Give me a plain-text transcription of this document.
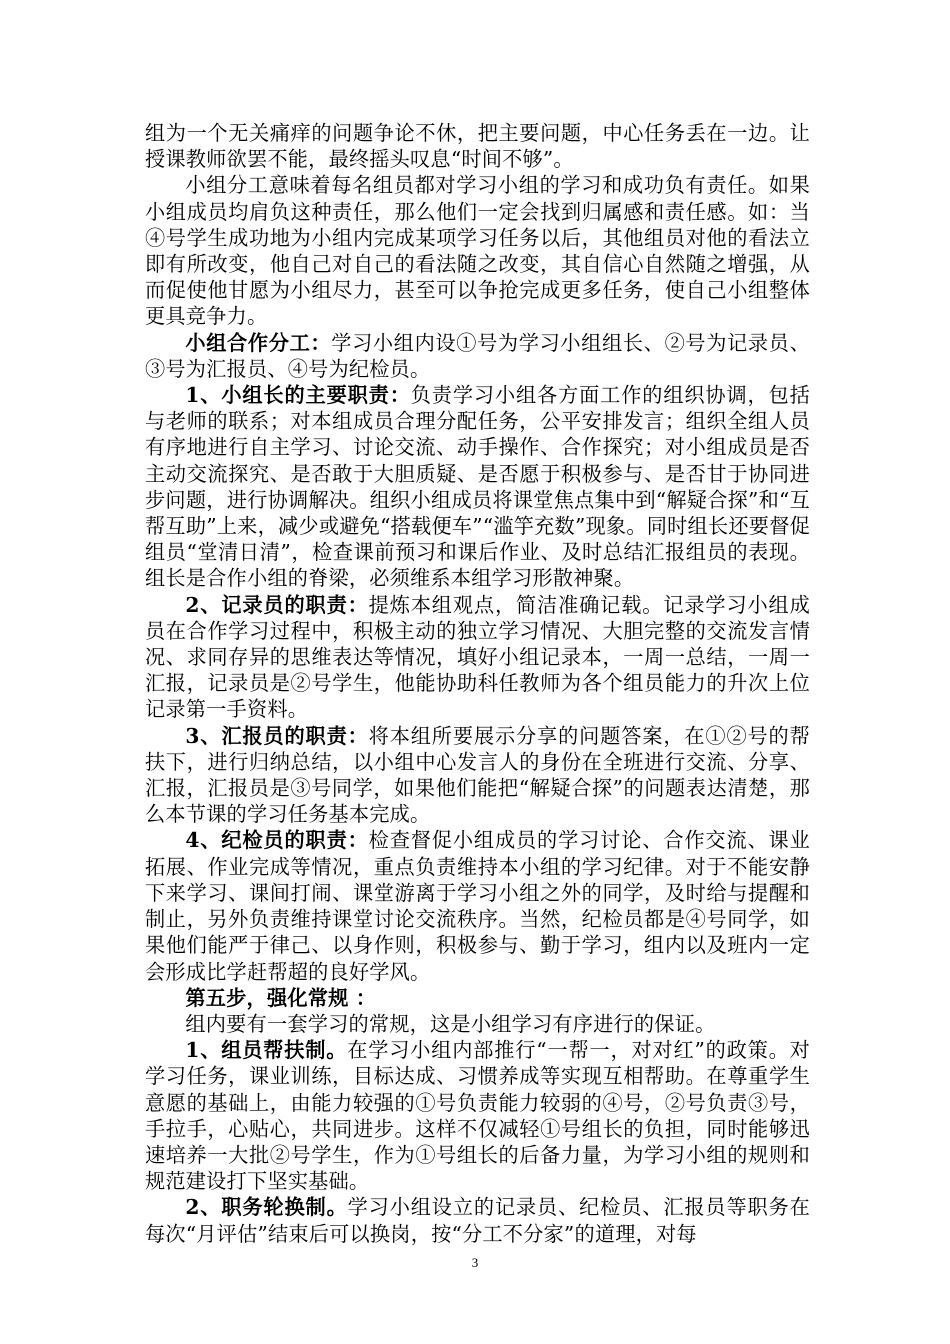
组为一个无关痛痒的问题争论不休，把主要问题，中心任务丢在一边。让授课教师欲罢不能，最终摇头叹息“时间不够”。

小组分工意味着每名组员都对学习小组的学习和成功负有责任。如果小组成员均肩负这种责任，那么他们一定会找到归属感和责任感。如：当④号学生成功地为小组内完成某项学习任务以后，其他组员对他的看法立即有所改变，他自己对自己的看法随之改变，其自信心自然随之增强，从而促使他甘愿为小组尽力，甚至可以争抢完成更多任务，使自己小组整体更具竞争力。

小组合作分工：学习小组内设①号为学习小组组长、②号为记录员、③号为汇报员、④号为纪检员。

1、小组长的主要职责：负责学习小组各方面工作的组织协调，包括与老师的联系；对本组成员合理分配任务，公平安排发言；组织全组人员有序地进行自主学习、讨论交流、动手操作、合作探究；对小组成员是否主动交流探究、是否敢于大胆质疑、是否愿于积极参与、是否甘于协同进步问题，进行协调解决。组织小组成员将课堂焦点集中到“解疑合探”和“互帮互助”上来，减少或避免“搭载便车”“滥竽充数”现象。同时组长还要督促组员“堂清日清”，检查课前预习和课后作业、及时总结汇报组员的表现。组长是合作小组的脊梁，必须维系本组学习形散神聚。

2、记录员的职责：提炼本组观点，简洁准确记载。记录学习小组成员在合作学习过程中，积极主动的独立学习情况、大胆完整的交流发言情况、求同存异的思维表达等情况，填好小组记录本，一周一总结，一周一汇报，记录员是②号学生，他能协助科任教师为各个组员能力的升次上位记录第一手资料。

3、汇报员的职责：将本组所要展示分享的问题答案，在①②号的帮扶下，进行归纳总结，以小组中心发言人的身份在全班进行交流、分享、汇报，汇报员是③号同学，如果他们能把“解疑合探”的问题表达清楚，那么本节课的学习任务基本完成。

4、纪检员的职责：检查督促小组成员的学习讨论、合作交流、课业拓展、作业完成等情况，重点负责维持本小组的学习纪律。对于不能安静下来学习、课间打闹、课堂游离于学习小组之外的同学，及时给与提醒和制止，另外负责维持课堂讨论交流秩序。当然，纪检员都是④号同学，如果他们能严于律己、以身作则，积极参与、勤于学习，组内以及班内一定会形成比学赶帮超的良好学风。

第五步，强化常规 ：

组内要有一套学习的常规，这是小组学习有序进行的保证。

1、组员帮扶制。在学习小组内部推行“一帮一，对对红”的政策。对学习任务，课业训练，目标达成、习惯养成等实现互相帮助。在尊重学生意愿的基础上，由能力较强的①号负责能力较弱的④号，②号负责③号，手拉手，心贴心，共同进步。这样不仅减轻①号组长的负担，同时能够迅速培养一大批②号学生，作为①号组长的后备力量，为学习小组的规则和规范建设打下坚实基础。

2、职务轮换制。学习小组设立的记录员、纪检员、汇报员等职务在每次“月评估”结束后可以换岗，按“分工不分家”的道理，对每

3
